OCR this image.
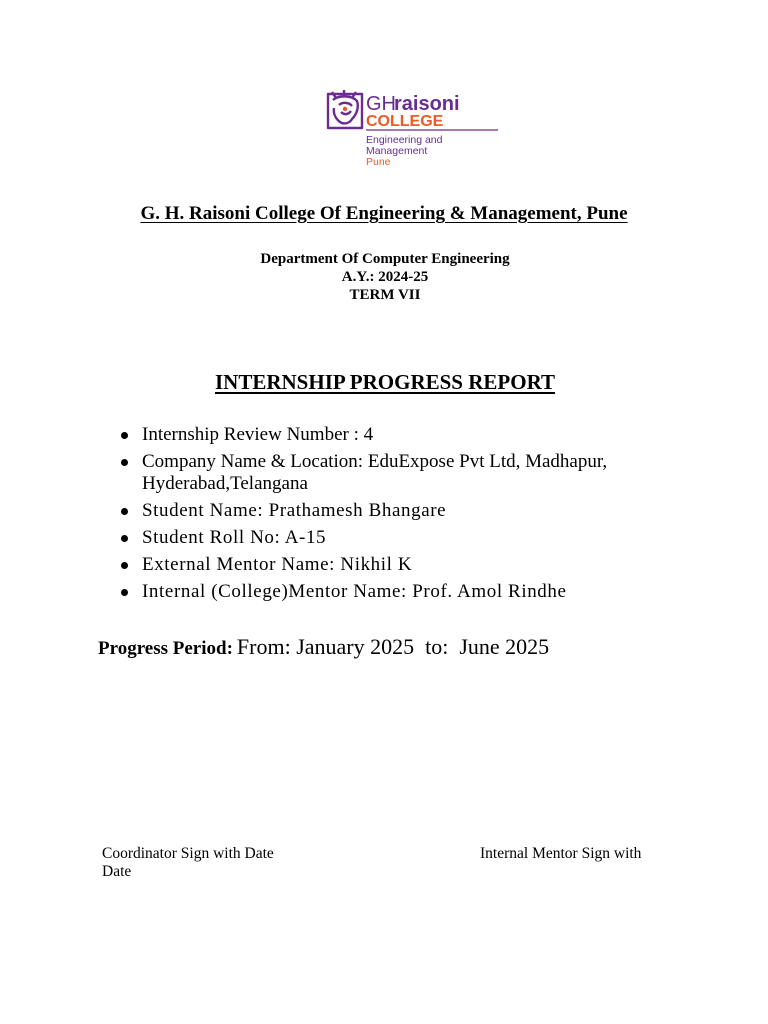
GH
raisoni
COLLEGE
Engineering and
Management
Pune
G. H. Raisoni College Of Engineering & Management, Pune
Department Of Computer Engineering
A.Y.: 2024-25
TERM VII
INTERNSHIP PROGRESS REPORT
Internship Review Number : 4
Company Name & Location: EduExpose Pvt Ltd, Madhapur, Hyderabad,Telangana
Student Name: Prathamesh Bhangare
Student Roll No: A-15
External Mentor Name: Nikhil K
Internal (College)Mentor Name: Prof. Amol Rindhe
Progress Period: From: January 2025  to:  June 2025
Coordinator Sign with Date Date
Internal Mentor Sign with
